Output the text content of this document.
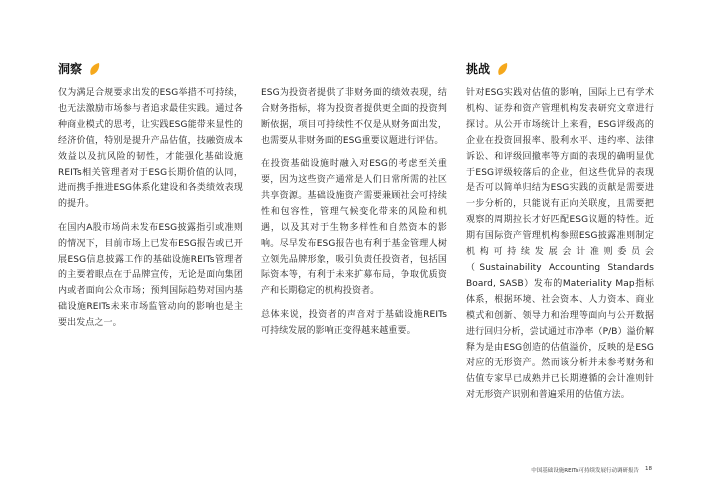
洞察	挑战

仅为满足合规要求出发的ESG举措不可持续，也无法激励市场参与者追求最佳实践。通过各种商业模式的思考，让实践ESG能带来显性的经济价值，特别是提升产品估值，技融资成本效益以及抗风险的韧性，才能强化基础设施REITs相关管理者对于ESG长期价值的认同，进而携手推进ESG体系化建设和各类绩效表现的提升。

在国内A股市场尚未发布ESG披露指引或准则的情况下，目前市场上已发布ESG报告或已开展ESG信息披露工作的基础设施REITs管理者的主要着眼点在于品牌宣传，无论是面向集团内或者面向公众市场；预判国际趋势对国内基础设施REITs未来市场监管动向的影响也是主要出发点之一。

ESG为投资者提供了非财务面的绩效表现，结合财务指标，将为投资者提供更全面的投资判断依据，项目可持续性不仅是从财务面出发，也需要从非财务面的ESG重要议题进行评估。

在投资基础设施时融入对ESG的考虑至关重要，因为这些资产通常是人们日常所需的社区共享资源。基础设施资产需要兼顾社会可持续性和包容性，管理气候变化带来的风险和机遇，以及其对于生物多样性和自然资本的影响。尽早发布ESG报告也有利于基金管理人树立领先品牌形象，吸引负责任投资者，包括国际资本等，有利于未来扩募布局，争取优质资产和长期稳定的机构投资者。

总体来说，投资者的声音对于基础设施REITs可持续发展的影响正变得越来越重要。

针对ESG实践对估值的影响，国际上已有学术机构、证券和资产管理机构发表研究文章进行探讨。从公开市场统计上来看，ESG评级高的企业在投资回报率、股利水平、违约率、法律诉讼、和评级回撤率等方面的表现的确明显优于ESG评级较落后的企业，但这些优异的表现是否可以简单归结为ESG实践的贡献是需要进一步分析的，只能说有正向关联度，且需要把观察的周期拉长才好匹配ESG议题的特性。近期有国际资产管理机构参照ESG披露准则制定机构可持续发展会计准则委员会（Sustainability Accounting Standards Board, SASB）发布的Materiality Map指标体系，根据环境、社会资本、人力资本、商业模式和创新、领导力和治理等面向与公开数据进行回归分析，尝试通过市净率（P/B）溢价解释为是由ESG创造的估值溢价，反映的是ESG对应的无形资产。然而该分析并未参考财务和估值专家早已成熟并已长期遵循的会计准则针对无形资产识别和普遍采用的估值方法。

中国基础设施REITs可持续发展行动调研报告 18
